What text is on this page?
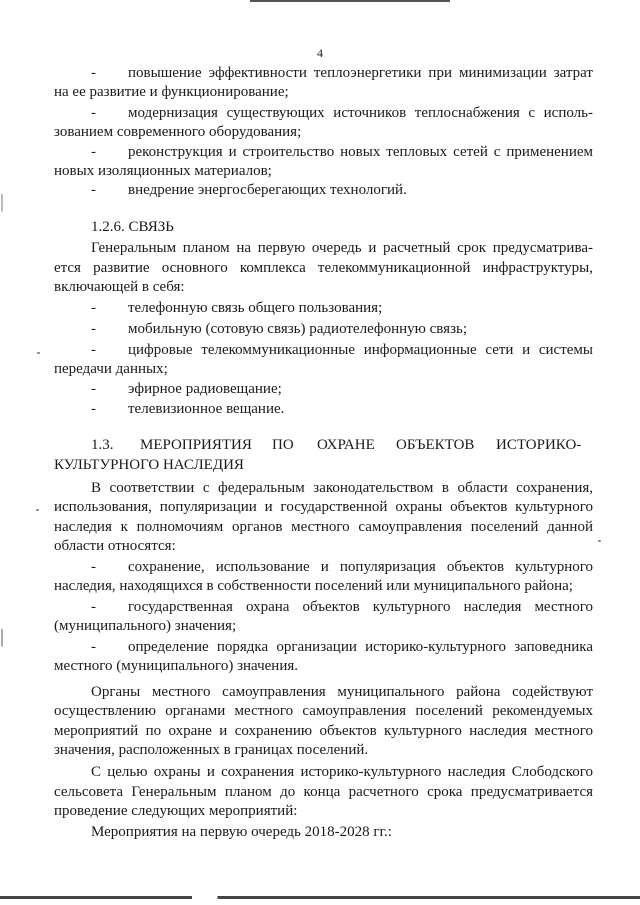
4
- повышение эффективности теплоэнергетики при минимизации затрат
на ее развитие и функционирование;
- модернизация существующих источников теплоснабжения с исполь-
зованием современного оборудования;
- реконструкция и строительство новых тепловых сетей с применением
новых изоляционных материалов;
- внедрение энергосберегающих технологий.
1.2.6. СВЯЗЬ
Генеральным планом на первую очередь и расчетный срок предусматрива-
ется развитие основного комплекса телекоммуникационной инфраструктуры,
включающей в себя:
- телефонную связь общего пользования;
- мобильную (сотовую связь) радиотелефонную связь;
- цифровые телекоммуникационные информационные сети и системы
передачи данных;
- эфирное радиовещание;
- телевизионное вещание.
1.3. МЕРОПРИЯТИЯ ПО ОХРАНЕ ОБЪЕКТОВ ИСТОРИКО-
КУЛЬТУРНОГО НАСЛЕДИЯ
В соответствии с федеральным законодательством в области сохранения,
использования, популяризации и государственной охраны объектов культурного
наследия к полномочиям органов местного самоуправления поселений данной
области относятся:
- сохранение, использование и популяризация объектов культурного
наследия, находящихся в собственности поселений или муниципального района;
- государственная охрана объектов культурного наследия местного
(муниципального) значения;
- определение порядка организации историко-культурного заповедника
местного (муниципального) значения.
Органы местного самоуправления муниципального района содействуют
осуществлению органами местного самоуправления поселений рекомендуемых
мероприятий по охране и сохранению объектов культурного наследия местного
значения, расположенных в границах поселений.
С целью охраны и сохранения историко-культурного наследия Слободского
сельсовета Генеральным планом до конца расчетного срока предусматривается
проведение следующих мероприятий:
Мероприятия на первую очередь 2018-2028 гг.:
